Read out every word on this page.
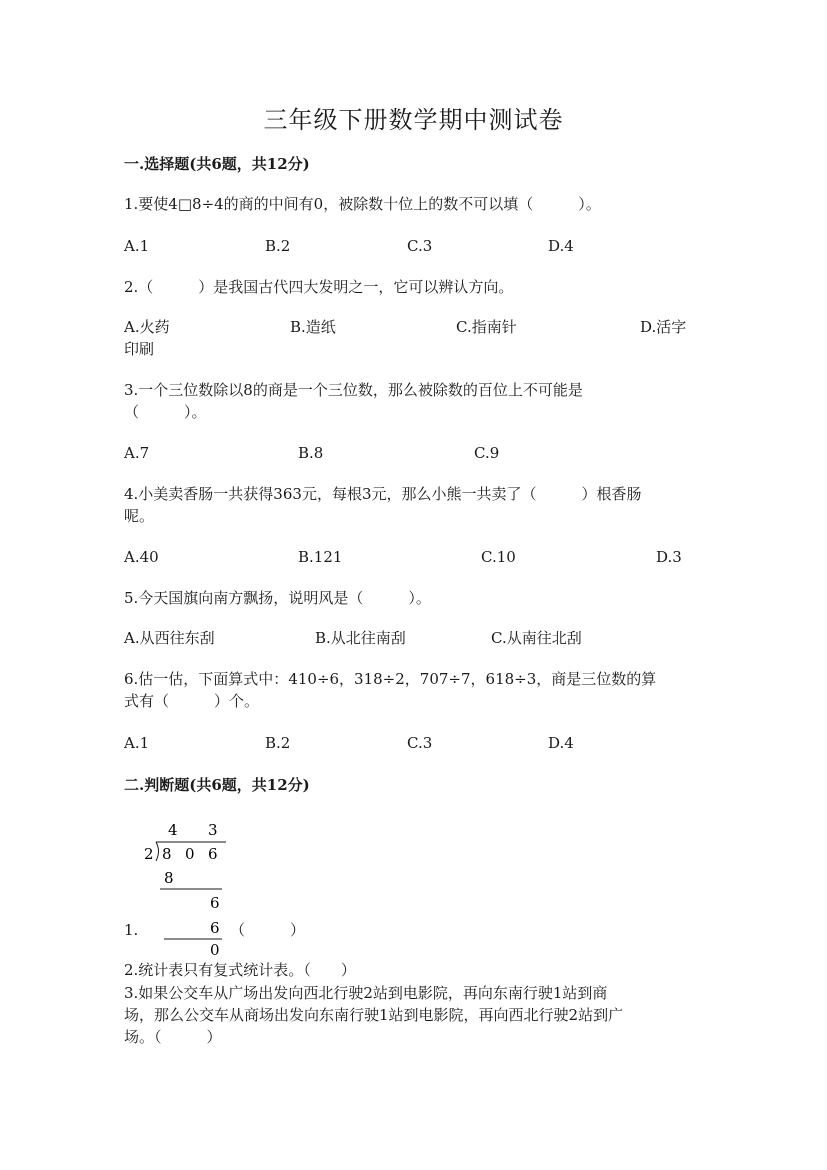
三年级下册数学期中测试卷
一.选择题(共6题，共12分)
1.要使4□8÷4的商的中间有0，被除数十位上的数不可以填（　　　）。
A.1	B.2	C.3	D.4
2.（　　　）是我国古代四大发明之一，它可以辨认方向。
A.火药	B.造纸	C.指南针	D.活字
印刷
3.一个三位数除以8的商是一个三位数，那么被除数的百位上不可能是
（　　　）。
A.7	B.8	C.9
4.小美卖香肠一共获得363元，每根3元，那么小熊一共卖了（　　　）根香肠
呢。
A.40	B.121	C.10	D.3
5.今天国旗向南方飘扬，说明风是（　　　）。
A.从西往东刮	B.从北往南刮	C.从南往北刮
6.估一估，下面算式中：410÷6，318÷2，707÷7，618÷3，商是三位数的算
式有（　　　）个。
A.1	B.2	C.3	D.4
二.判断题(共6题，共12分)
4 3
2 8 0 6
8
6
6
0
1.	（　　　）
2.统计表只有复式统计表。（　　）
3.如果公交车从广场出发向西北行驶2站到电影院，再向东南行驶1站到商
场，那么公交车从商场出发向东南行驶1站到电影院，再向西北行驶2站到广
场。（　　　）
